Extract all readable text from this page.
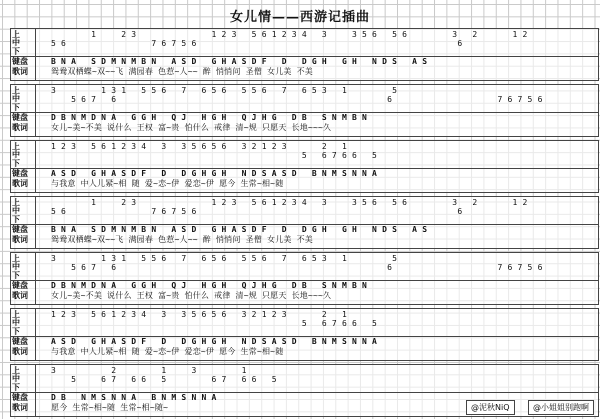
女儿情——西游记插曲
上
中
下
键盘
歌词
1     2 3               1 2 3   5 6 1 2 3 4   3     3 5 6   5 6         3   2       1 2
5 6                 7 6 7 5 6                                                    6
B N A   S D M N M B N   A S D   G H A S D F   D   D G H   G H   N D S   A S
鸳鸯双栖蝶~双~~飞 满园春 色惹~人~~ 醉 悄悄问 圣僧 女儿美 不美
上
中
下
键盘
歌词
3         1 3 1   5 5 6   7   6 5 6   5 5 6   7   6 5 3   1         5
5 6 7   6                                                      6                     7 6 7 5 6
D B N M D N A   G G H   Q J   H G H   Q J H G   D B   S N M B N
女儿~美~不美 说什么 王权 富~贵 怕什么 戒律 清~规 只愿天 长地~~~久
上
中
下
键盘
歌词
1 2 3   5 6 1 2 3 4   3   3 5 6 5 6   3 2 1 2 3       2   1
5   6 7 6 6   5
A S D   G H A S D F   D   D G H G H   N D S A S D   B N M S N N A
与我意 中人儿紧~相 随 爱~恋~伊 爱恋~伊 愿今 生常~相~随
上
中
下
键盘
歌词
1     2 3               1 2 3   5 6 1 2 3 4   3     3 5 6   5 6         3   2       1 2
5 6                 7 6 7 5 6                                                    6
B N A   S D M N M B N   A S D   G H A S D F   D   D G H   G H   N D S   A S
鸳鸯双栖蝶~双~~飞 满园春 色惹~人~~ 醉 悄悄问 圣僧 女儿美 不美
上
中
下
键盘
歌词
3         1 3 1   5 5 6   7   6 5 6   5 5 6   7   6 5 3   1         5
5 6 7   6                                                      6                     7 6 7 5 6
D B N M D N A   G G H   Q J   H G H   Q J H G   D B   S N M B N
女儿~美~不美 说什么 王权 富~贵 怕什么 戒律 清~规 只愿天 长地~~~久
上
中
下
键盘
歌词
1 2 3   5 6 1 2 3 4   3   3 5 6 5 6   3 2 1 2 3       2   1
5   6 7 6 6   5
A S D   G H A S D F   D   D G H G H   N D S A S D   B N M S N N A
与我意 中人儿紧~相 随 爱~恋~伊 爱恋~伊 愿今 生常~相~随
上
中
下
键盘
歌词
3           2         1     3         1
5     6 7   6 6   5         6 7   6 6   5
D B   N M S N N A   B N M S N N A
愿今 生常~相~随 生常~相~随~	@泥秋NiQ	@小姐姐别跑啊
